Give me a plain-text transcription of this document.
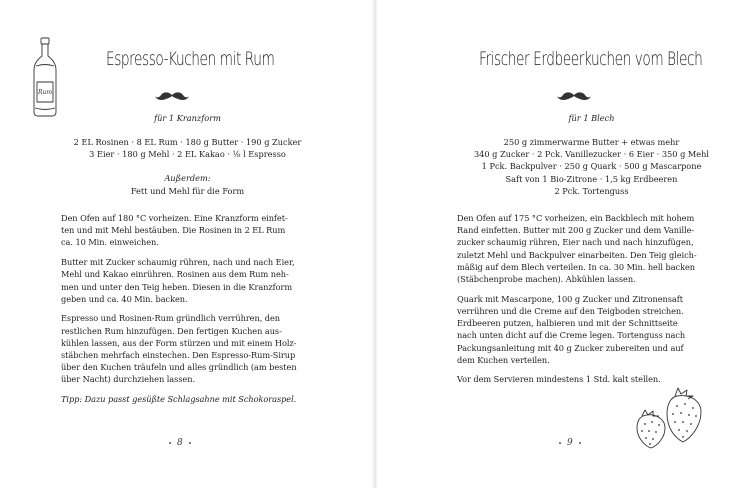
Rum
Espresso-Kuchen mit Rum
für 1 Kranzform
2 EL Rosinen · 8 EL Rum · 180 g Butter · 190 g Zucker
3 Eier · 180 g Mehl · 2 EL Kakao · ⅛ l Espresso
Außerdem:
Fett und Mehl für die Form

Den Ofen auf 180 °C vorheizen. Eine Kranzform einfet-
ten und mit Mehl bestäuben. Die Rosinen in 2 EL Rum
ca. 10 Min. einweichen.

Butter mit Zucker schaumig rühren, nach und nach Eier,
Mehl und Kakao einrühren. Rosinen aus dem Rum neh-
men und unter den Teig heben. Diesen in die Kranzform
geben und ca. 40 Min. backen.

Espresso und Rosinen-Rum gründlich verrühren, den
restlichen Rum hinzufügen. Den fertigen Kuchen aus-
kühlen lassen, aus der Form stürzen und mit einem Holz-
stäbchen mehrfach einstechen. Den Espresso-Rum-Sirup
über den Kuchen träufeln und alles gründlich (am besten
über Nacht) durchziehen lassen.

Tipp: Dazu passt gesüßte Schlagsahne mit Schokoraspel.
8
Frischer Erdbeerkuchen vom Blech
für 1 Blech
250 g zimmerwarme Butter + etwas mehr
340 g Zucker · 2 Pck. Vanillezucker · 6 Eier · 350 g Mehl
1 Pck. Backpulver · 250 g Quark · 500 g Mascarpone
Saft von 1 Bio-Zitrone · 1,5 kg Erdbeeren
2 Pck. Tortenguss

Den Ofen auf 175 °C vorheizen, ein Backblech mit hohem
Rand einfetten. Butter mit 200 g Zucker und dem Vanille-
zucker schaumig rühren, Eier nach und nach hinzufügen,
zuletzt Mehl und Backpulver einarbeiten. Den Teig gleich-
mäßig auf dem Blech verteilen. In ca. 30 Min. hell backen
(Stäbchenprobe machen). Abkühlen lassen.

Quark mit Mascarpone, 100 g Zucker und Zitronensaft
verrühren und die Creme auf den Teigboden streichen.
Erdbeeren putzen, halbieren und mit der Schnittseite
nach unten dicht auf die Creme legen. Tortenguss nach
Packungsanleitung mit 40 g Zucker zubereiten und auf
dem Kuchen verteilen.

Vor dem Servieren mindestens 1 Std. kalt stellen.

9
